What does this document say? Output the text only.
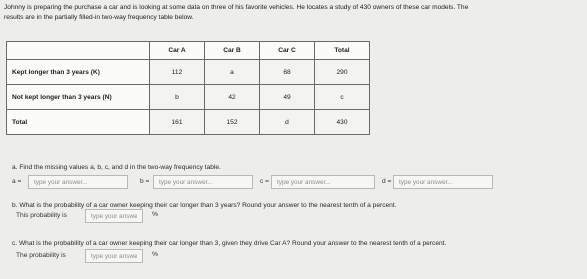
Johnny is preparing the purchase a car and is looking at some data on three of his favorite vehicles. He locates a study of 430 owners of these car models. The
results are in the partially filled-in two-way frequency table below.
	Car A	Car B	Car C	Total
Kept longer than 3 years (K)	112	a	68	290
Not kept longer than 3 years (N)	b	42	49	c
Total	161	152	d	430
a. Find the missing values a, b, c, and d in the two-way frequency table.
a =
type your answer...	b =
type your answer...	c =
type your answer...	d =
type your answer...
b. What is the probability of a car owner keeping their car longer than 3 years? Round your answer to the nearest tenth of a percent.
This probability is
type your answer...	%
c. What is the probability of a car owner keeping their car longer than 3, given they drive Car A? Round your answer to the nearest tenth of a percent.
The probability is
type your answer...	%
